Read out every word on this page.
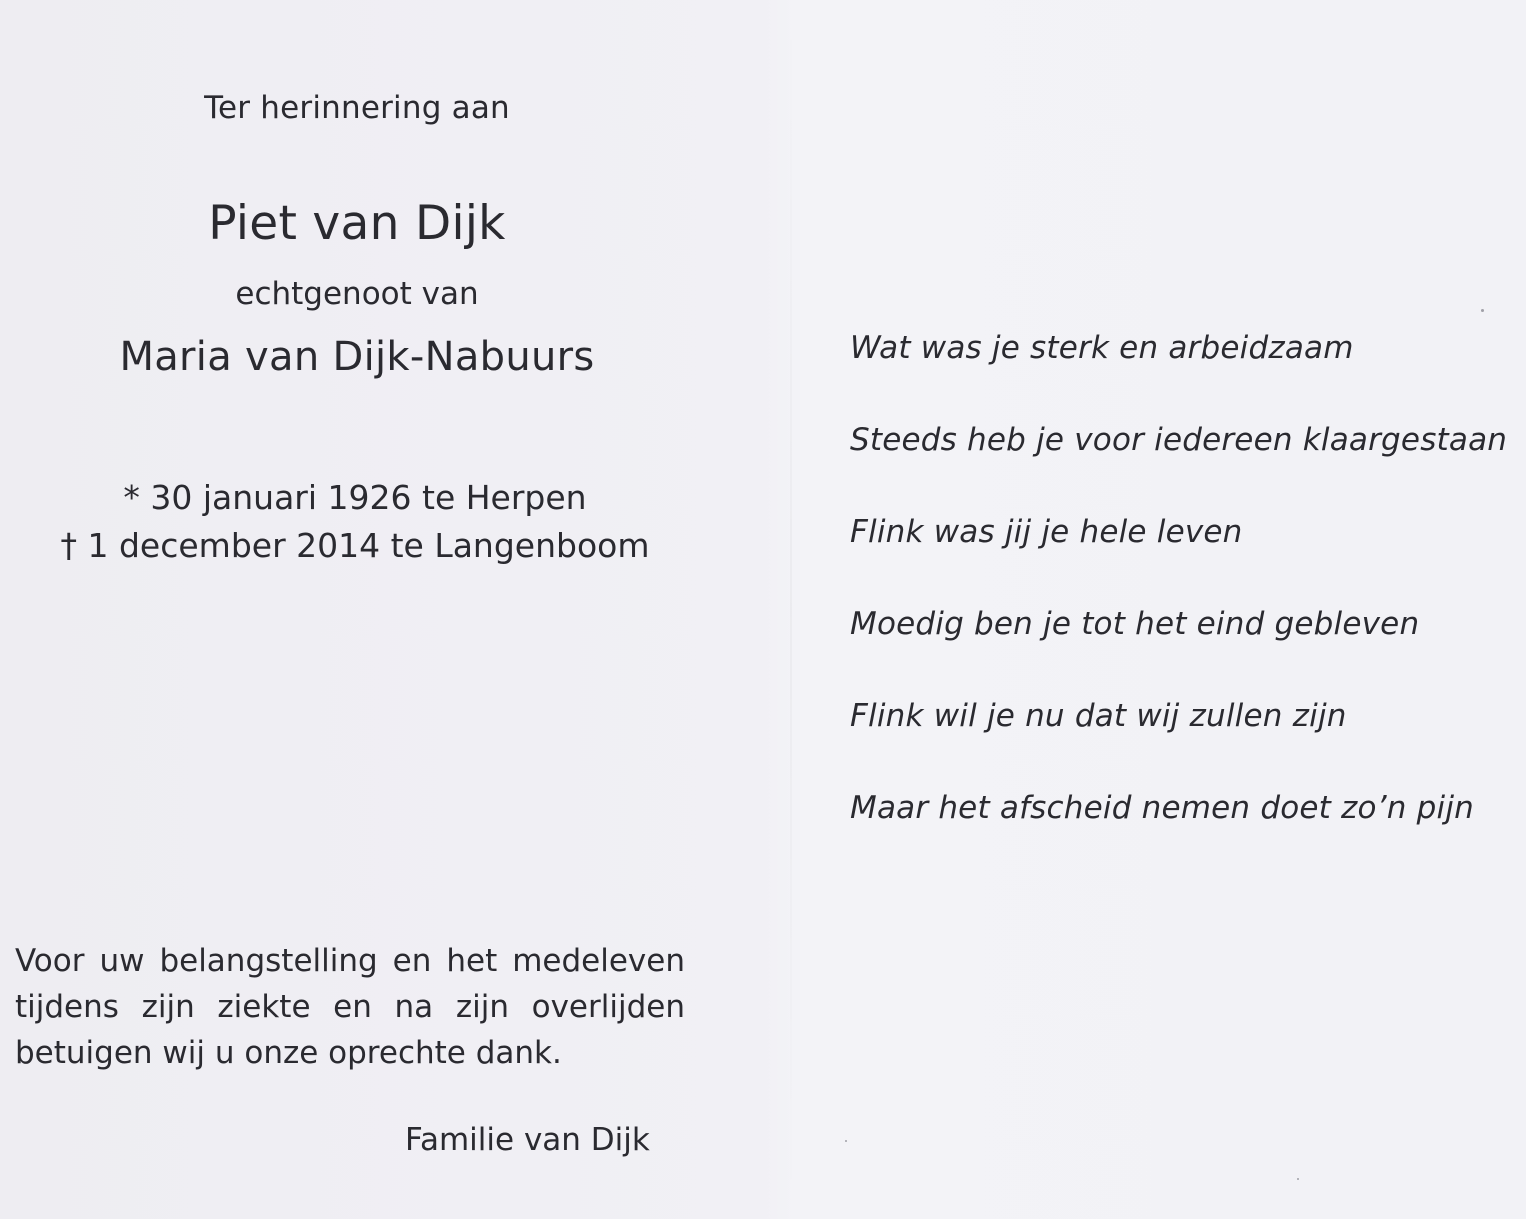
Ter herinnering aan
Piet van Dijk
echtgenoot van
Maria van Dijk-Nabuurs
* 30 januari 1926 te Herpen
† 1 december 2014 te Langenboom
Voor uw belangstelling en het medeleven
tijdens zijn ziekte en na zijn overlijden
betuigen wij u onze oprechte dank.
Familie van Dijk
Wat was je sterk en arbeidzaam
Steeds heb je voor iedereen klaargestaan
Flink was jij je hele leven
Moedig ben je tot het eind gebleven
Flink wil je nu dat wij zullen zijn
Maar het afscheid nemen doet zo’n pijn
